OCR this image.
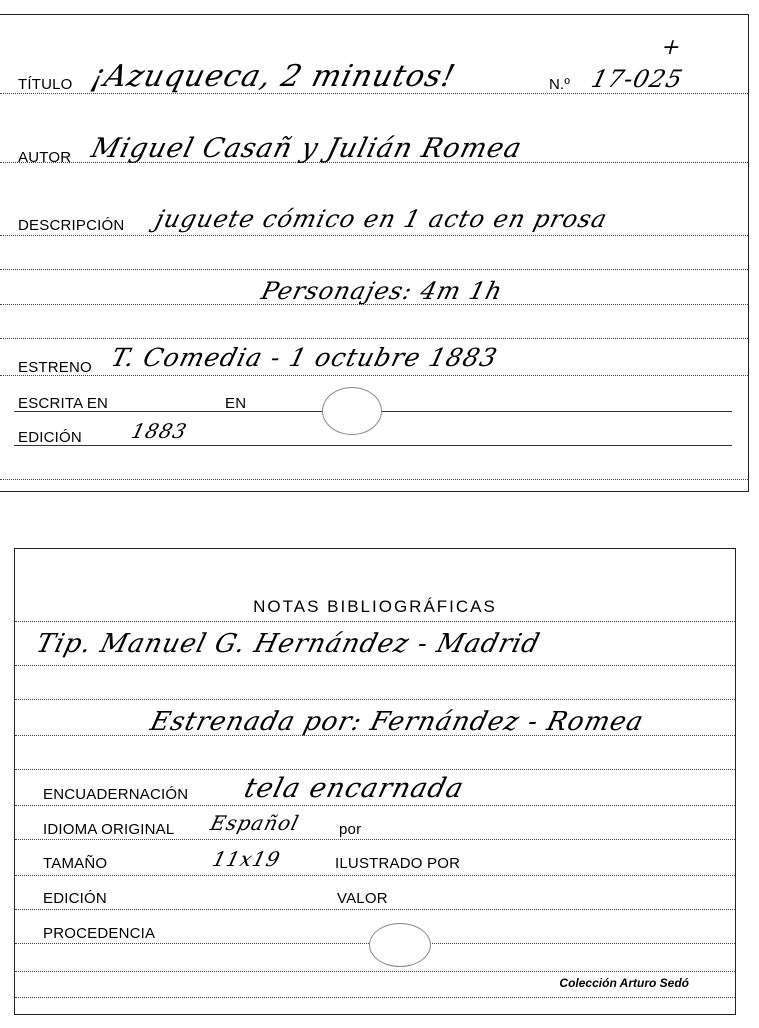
TÍTULO ¡Azuqueca, 2 minutos!	N.º 17-025
+
AUTOR Miguel Casañ y Julián Romea
DESCRIPCIÓN juguete cómico en 1 acto en prosa
Personajes: 4m 1h
ESTRENO T. Comedia - 1 octubre 1883
ESCRITA EN	EN
EDICIÓN 1883
NOTAS BIBLIOGRÁFICAS
Tip. Manuel G. Hernández - Madrid
Estrenada por: Fernández - Romea
ENCUADERNACIÓN tela encarnada
IDIOMA ORIGINAL Español por
TAMAÑO	11x19	ILUSTRADO POR
EDICIÓN	VALOR
PROCEDENCIA
Colección Arturo Sedó
